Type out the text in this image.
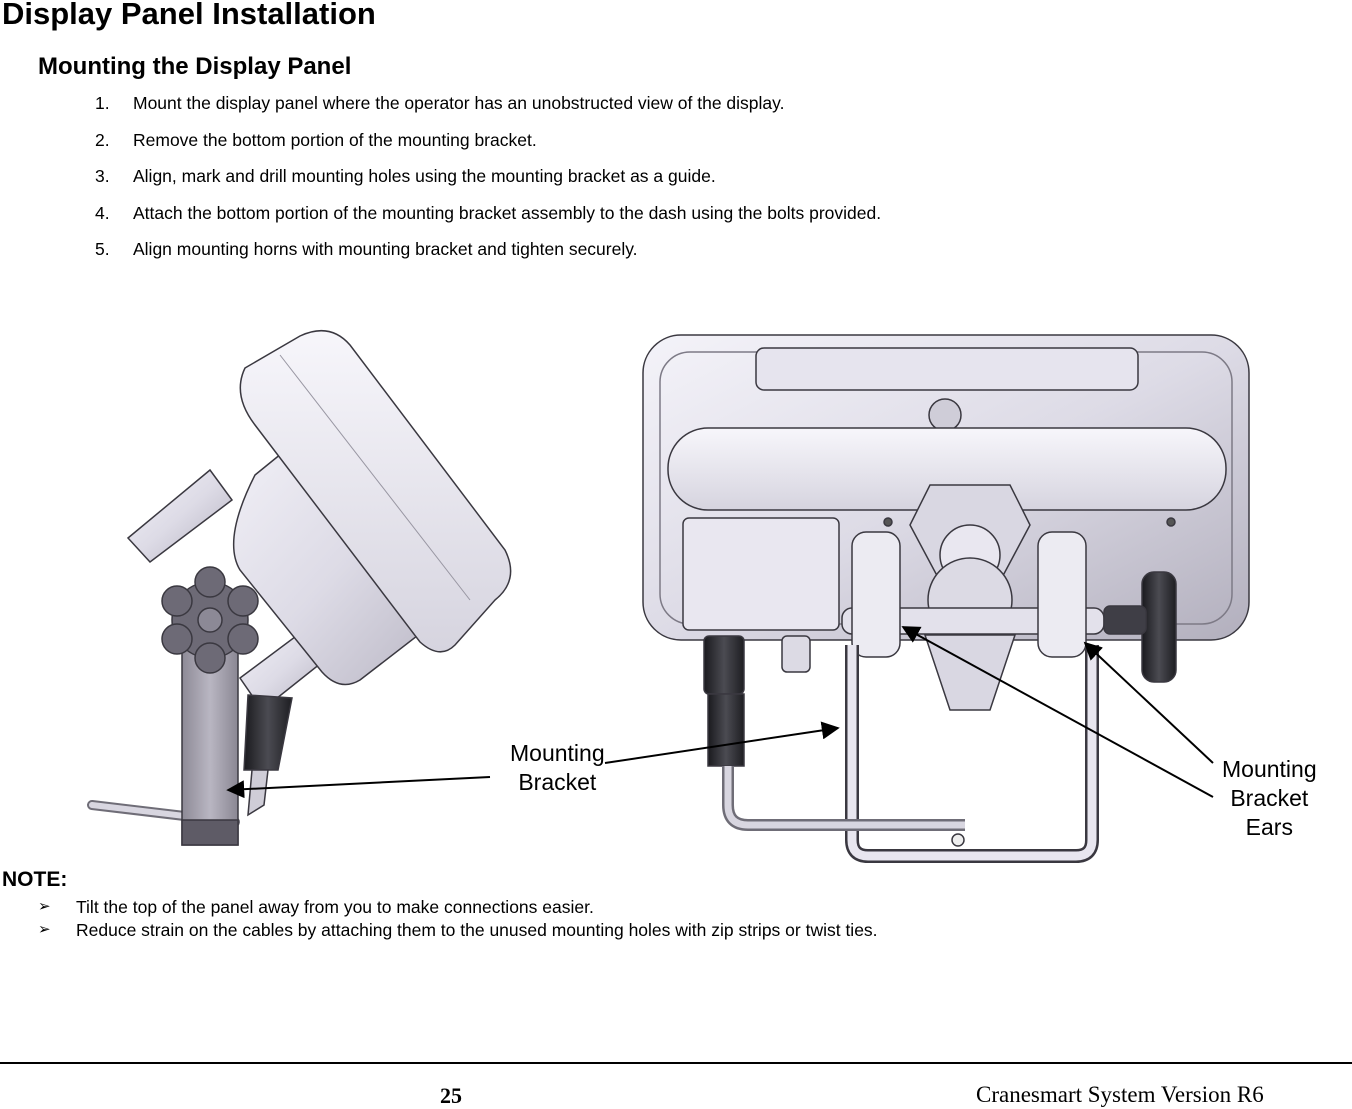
Display Panel Installation
Mounting the Display Panel
1.	Mount the display panel where the operator has an unobstructed view of the display.
2.	Remove the bottom portion of the mounting bracket.
3.	Align, mark and drill mounting holes using the mounting bracket as a guide.
4.	Attach the bottom portion of the mounting bracket assembly to the dash using the bolts provided.
5.	Align mounting horns with mounting bracket and tighten securely.
Mounting
Bracket	Mounting
Bracket
Ears
NOTE:
➢	Tilt the top of the panel away from you to make connections easier.
➢	Reduce strain on the cables by attaching them to the unused mounting holes with zip strips or twist ties.
25	Cranesmart System Version R6
